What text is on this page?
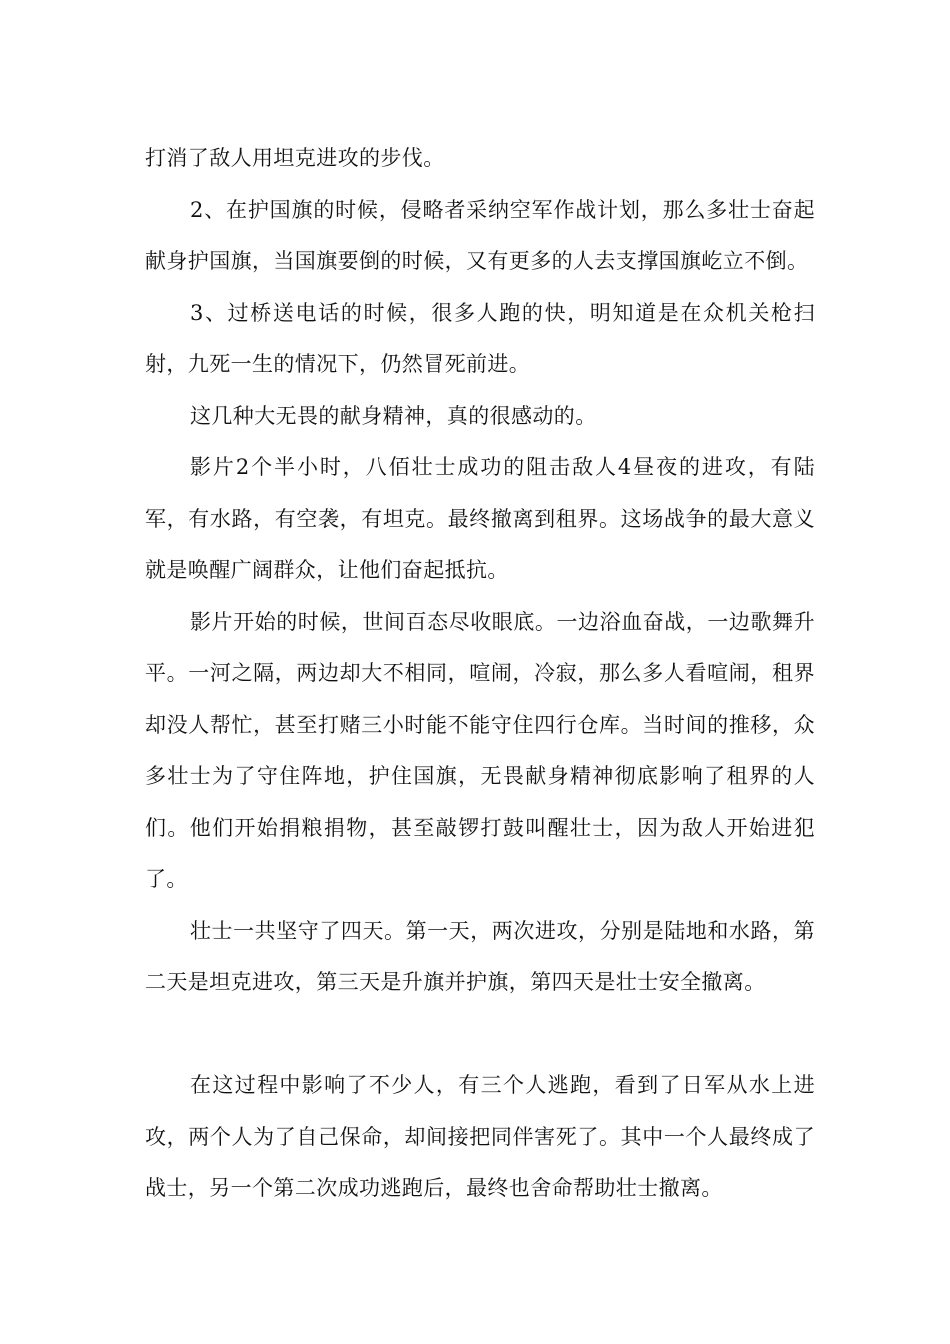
打消了敌人用坦克进攻的步伐。

2、在护国旗的时候，侵略者采纳空军作战计划，那么多壮士奋起献身护国旗，当国旗要倒的时候，又有更多的人去支撑国旗屹立不倒。

3、过桥送电话的时候，很多人跑的快，明知道是在众机关枪扫射，九死一生的情况下，仍然冒死前进。

这几种大无畏的献身精神，真的很感动的。

影片2个半小时，八佰壮士成功的阻击敌人4昼夜的进攻，有陆军，有水路，有空袭，有坦克。最终撤离到租界。这场战争的最大意义就是唤醒广阔群众，让他们奋起抵抗。

影片开始的时候，世间百态尽收眼底。一边浴血奋战，一边歌舞升平。一河之隔，两边却大不相同，喧闹，冷寂，那么多人看喧闹，租界却没人帮忙，甚至打赌三小时能不能守住四行仓库。当时间的推移，众多壮士为了守住阵地，护住国旗，无畏献身精神彻底影响了租界的人们。他们开始捐粮捐物，甚至敲锣打鼓叫醒壮士，因为敌人开始进犯了。

壮士一共坚守了四天。第一天，两次进攻，分别是陆地和水路，第二天是坦克进攻，第三天是升旗并护旗，第四天是壮士安全撤离。

在这过程中影响了不少人，有三个人逃跑，看到了日军从水上进攻，两个人为了自己保命，却间接把同伴害死了。其中一个人最终成了战士，另一个第二次成功逃跑后，最终也舍命帮助壮士撤离。
